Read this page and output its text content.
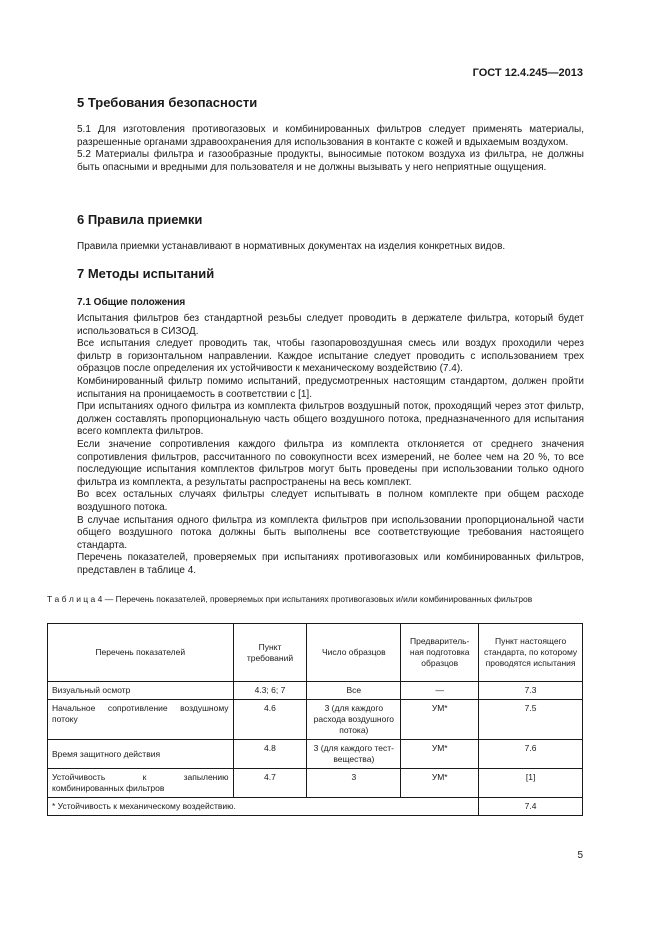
ГОСТ 12.4.245—2013
5 Требования безопасности

5.1 Для изготовления противогазовых и комбинированных фильтров следует применять материалы, разрешенные органами здравоохранения для использования в контакте с кожей и вдыхаемым воздухом.

5.2 Материалы фильтра и газообразные продукты, выносимые потоком воздуха из фильтра, не должны быть опасными и вредными для пользователя и не должны вызывать у него неприятные ощущения.

6 Правила приемки

Правила приемки устанавливают в нормативных документах на изделия конкретных видов.

7 Методы испытаний
7.1 Общие положения

Испытания фильтров без стандартной резьбы следует проводить в держателе фильтра, который будет использоваться в СИЗОД.

Все испытания следует проводить так, чтобы газопаровоздушная смесь или воздух проходили через фильтр в горизонтальном направлении. Каждое испытание следует проводить с использованием трех образцов после определения их устойчивости к механическому воздействию (7.4).

Комбинированный фильтр помимо испытаний, предусмотренных настоящим стандартом, должен пройти испытания на проницаемость в соответствии с [1].

При испытаниях одного фильтра из комплекта фильтров воздушный поток, проходящий через этот фильтр, должен составлять пропорциональную часть общего воздушного потока, предназначенного для испытания всего комплекта фильтров.

Если значение сопротивления каждого фильтра из комплекта отклоняется от среднего значения сопротивления фильтров, рассчитанного по совокупности всех измерений, не более чем на 20 %, то все последующие испытания комплектов фильтров могут быть проведены при использовании только одного фильтра из комплекта, а результаты распространены на весь комплект.

Во всех остальных случаях фильтры следует испытывать в полном комплекте при общем расходе воздушного потока.

В случае испытания одного фильтра из комплекта фильтров при использовании пропорциональной части общего воздушного потока должны быть выполнены все соответствующие требования настоящего стандарта.

Перечень показателей, проверяемых при испытаниях противогазовых или комбинированных фильтров, представлен в таблице 4.

Т а б л и ц а 4 — Перечень показателей, проверяемых при испытаниях противогазовых и/или комбинированных фильтров
Перечень показателей	Пункт требований	Число образцов	Предваритель-ная подготовка образцов	Пункт настоящего стандарта, по которому проводятся испытания
Визуальный осмотр	4.3; 6; 7	Все	—	7.3
Начальное сопротивление воздушному потоку	4.6	3 (для каждого расхода воздушного потока)	УМ*	7.5
Время защитного действия	4.8	3 (для каждого тест-вещества)	УМ*	7.6
Устойчивость к запылению комбинированных фильтров	4.7	3	УМ*	[1]
* Устойчивость к механическому воздействию.				7.4
5
